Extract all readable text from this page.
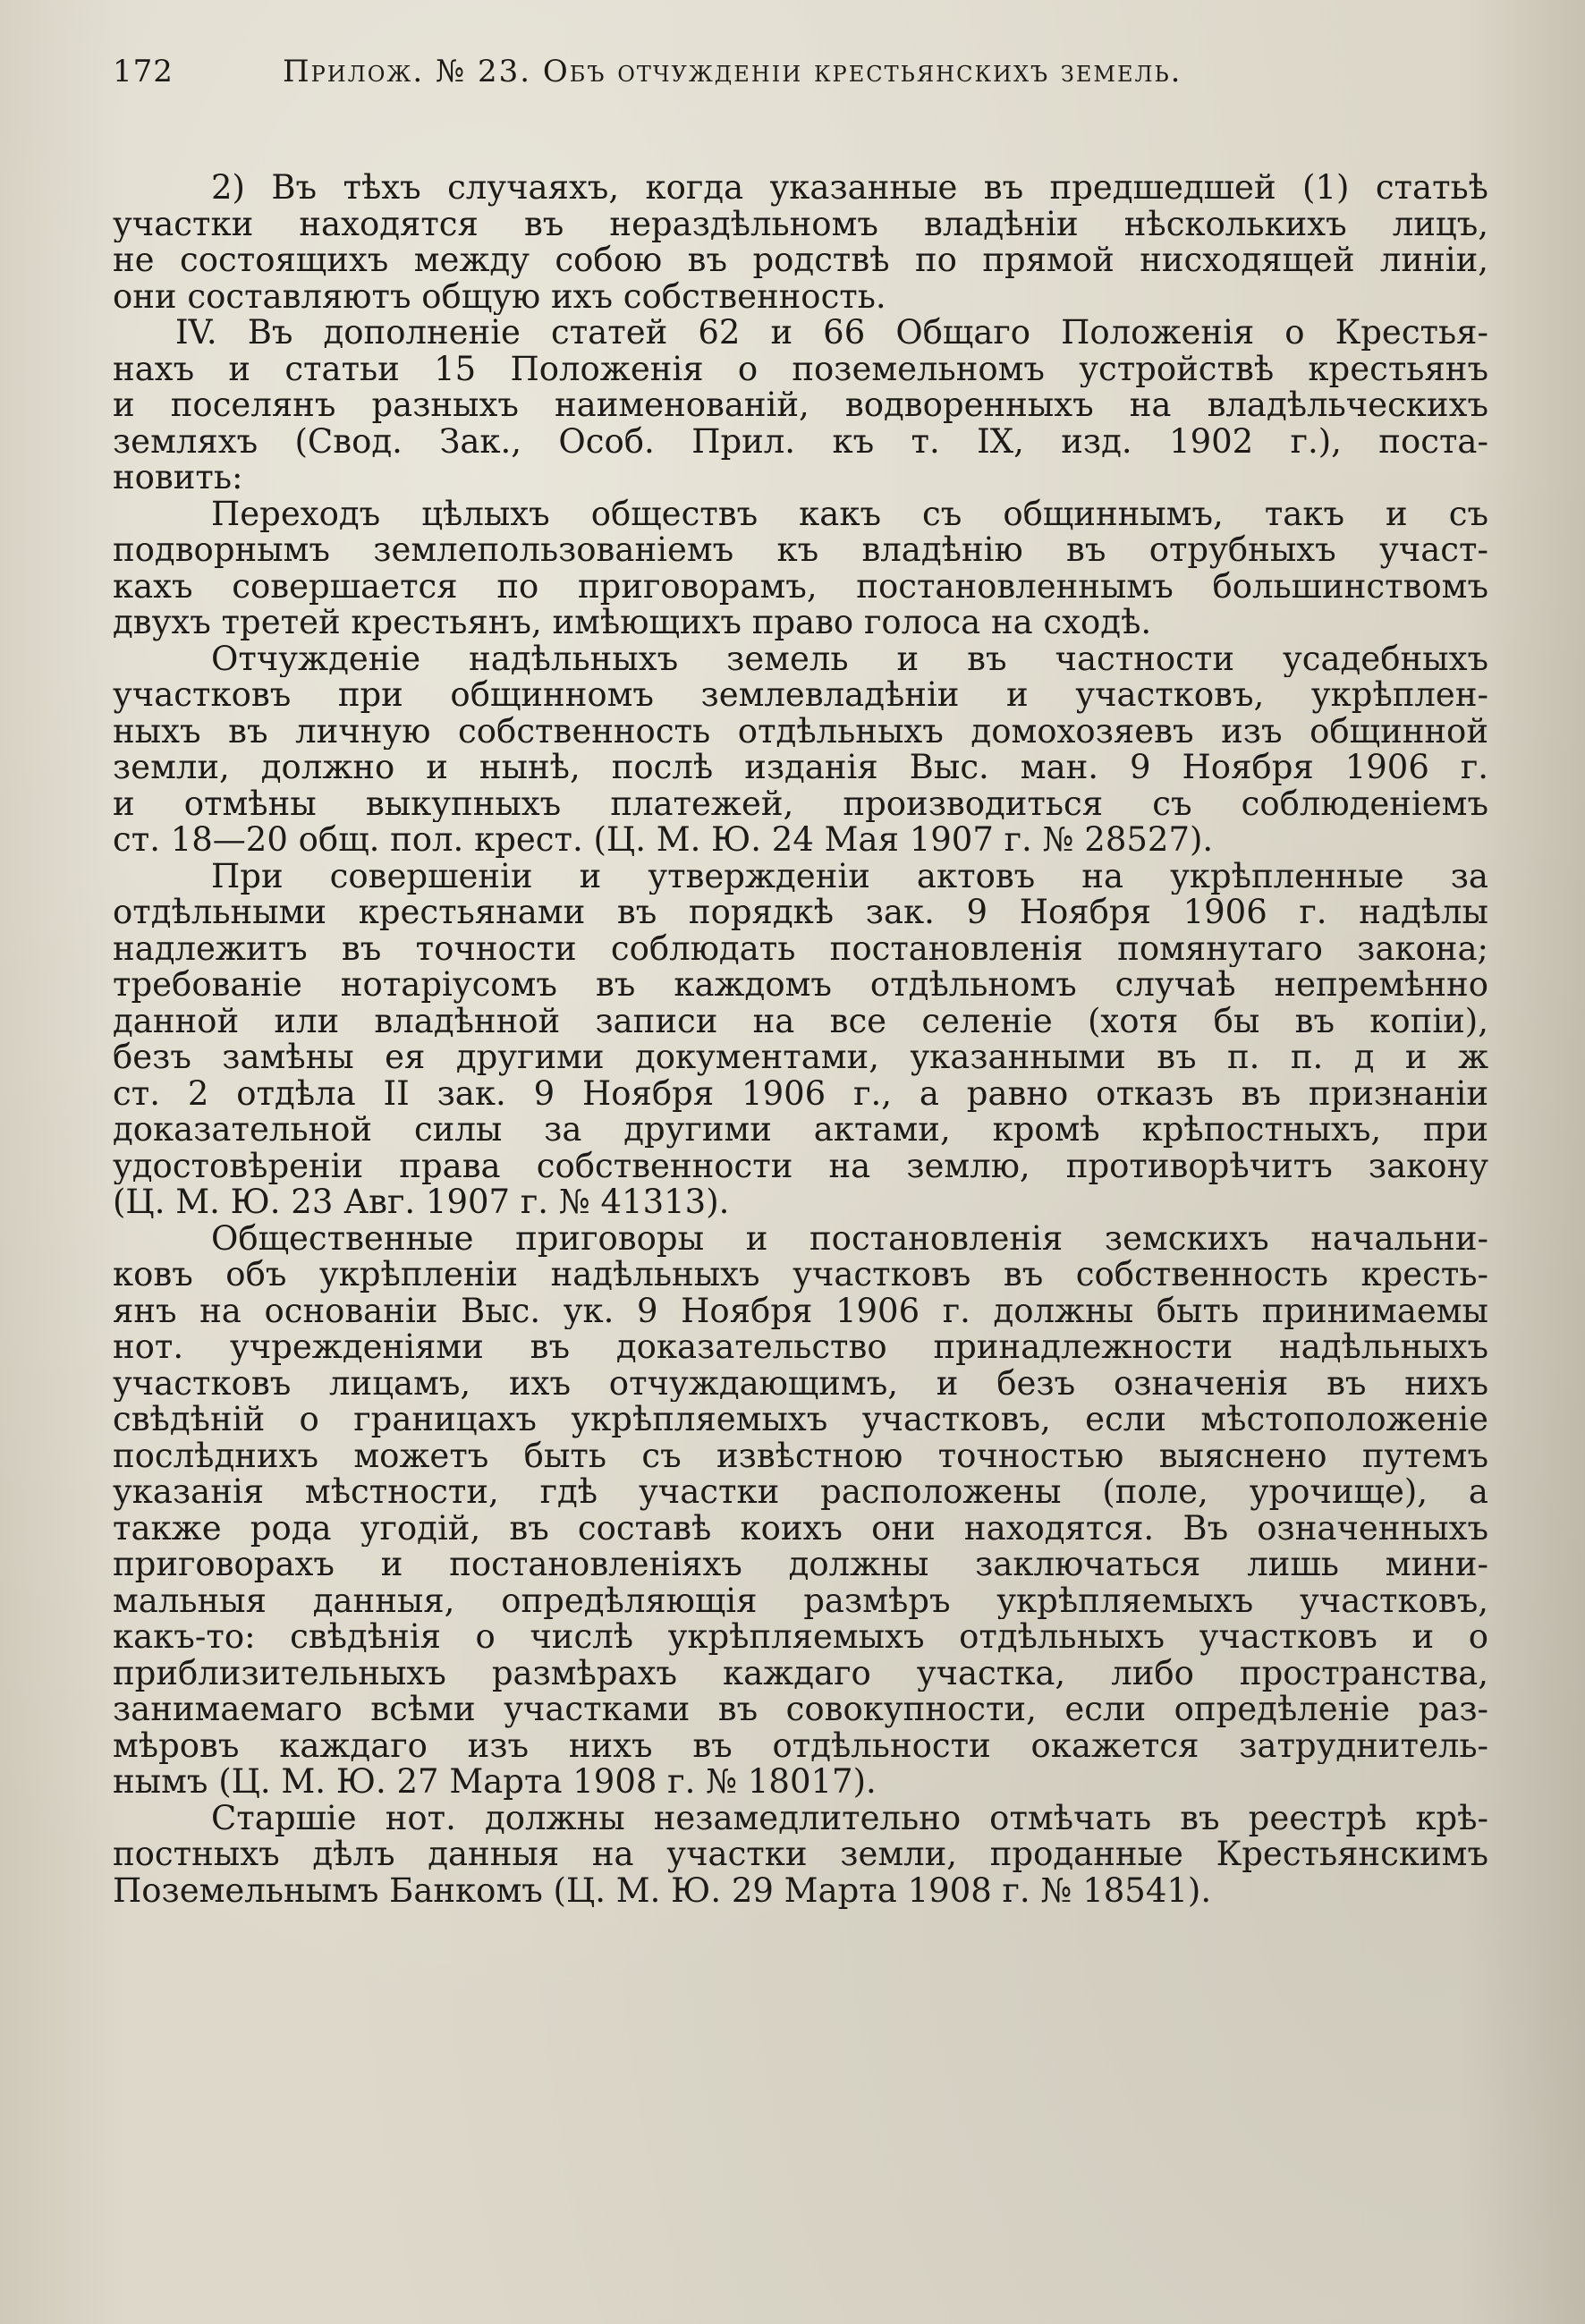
172	Прилож. № 23. Объ отчужденіи крестьянскихъ земель.

2) Въ тѣхъ случаяхъ, когда указанные въ предшедшей (1) статьѣ
участки находятся въ нераздѣльномъ владѣніи нѣсколькихъ лицъ,
не состоящихъ между собою въ родствѣ по прямой нисходящей линіи,
они составляютъ общую ихъ собственность.

IV. Въ дополненіе статей 62 и 66 Общаго Положенія о Крестья-
нахъ и статьи 15 Положенія о поземельномъ устройствѣ крестьянъ
и поселянъ разныхъ наименованій, водворенныхъ на владѣльческихъ
земляхъ (Свод. Зак., Особ. Прил. къ т. IX, изд. 1902 г.), поста-
новить:

Переходъ цѣлыхъ обществъ какъ съ общиннымъ, такъ и съ
подворнымъ землепользованіемъ къ владѣнію въ отрубныхъ участ-
кахъ совершается по приговорамъ, постановленнымъ большинствомъ
двухъ третей крестьянъ, имѣющихъ право голоса на сходѣ.

Отчужденіе надѣльныхъ земель и въ частности усадебныхъ
участковъ при общинномъ землевладѣніи и участковъ, укрѣплен-
ныхъ въ личную собственность отдѣльныхъ домохозяевъ изъ общинной
земли, должно и нынѣ, послѣ изданія Выс. ман. 9 Ноября 1906 г.
и отмѣны выкупныхъ платежей, производиться съ соблюденіемъ
ст. 18—20 общ. пол. крест. (Ц. М. Ю. 24 Мая 1907 г. № 28527).

При совершеніи и утвержденіи актовъ на укрѣпленные за
отдѣльными крестьянами въ порядкѣ зак. 9 Ноября 1906 г. надѣлы
надлежитъ въ точности соблюдать постановленія помянутаго закона;
требованіе нотаріусомъ въ каждомъ отдѣльномъ случаѣ непремѣнно
данной или владѣнной записи на все селеніе (хотя бы въ копіи),
безъ замѣны ея другими документами, указанными въ п. п. д и ж
ст. 2 отдѣла II зак. 9 Ноября 1906 г., а равно отказъ въ признаніи
доказательной силы за другими актами, кромѣ крѣпостныхъ, при
удостовѣреніи права собственности на землю, противорѣчитъ закону
(Ц. М. Ю. 23 Авг. 1907 г. № 41313).

Общественные приговоры и постановленія земскихъ начальни-
ковъ объ укрѣпленіи надѣльныхъ участковъ въ собственность кресть-
янъ на основаніи Выс. ук. 9 Ноября 1906 г. должны быть принимаемы
нот. учрежденіями въ доказательство принадлежности надѣльныхъ
участковъ лицамъ, ихъ отчуждающимъ, и безъ означенія въ нихъ
свѣдѣній о границахъ укрѣпляемыхъ участковъ, если мѣстоположеніе
послѣднихъ можетъ быть съ извѣстною точностью выяснено путемъ
указанія мѣстности, гдѣ участки расположены (поле, урочище), а
также рода угодій, въ составѣ коихъ они находятся. Въ означенныхъ
приговорахъ и постановленіяхъ должны заключаться лишь мини-
мальныя данныя, опредѣляющія размѣръ укрѣпляемыхъ участковъ,
какъ-то: свѣдѣнія о числѣ укрѣпляемыхъ отдѣльныхъ участковъ и о
приблизительныхъ размѣрахъ каждаго участка, либо пространства,
занимаемаго всѣми участками въ совокупности, если опредѣленіе раз-
мѣровъ каждаго изъ нихъ въ отдѣльности окажется затруднитель-
нымъ (Ц. М. Ю. 27 Марта 1908 г. № 18017).

Старшіе нот. должны незамедлительно отмѣчать въ реестрѣ крѣ-
постныхъ дѣлъ данныя на участки земли, проданные Крестьянскимъ
Поземельнымъ Банкомъ (Ц. М. Ю. 29 Марта 1908 г. № 18541).
